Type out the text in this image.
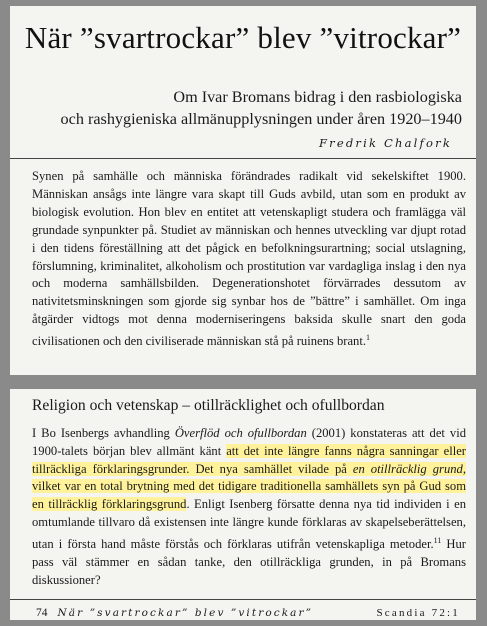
När ”svartrockar” blev ”vitrockar”
Om Ivar Bromans bidrag i den rasbiologiska
och rashygieniska allmänupplysningen under åren 1920–1940
Fredrik Chalfork

Synen på samhälle och människa förändrades radikalt vid sekelskiftet 1900. Människan ansågs inte längre vara skapt till Guds avbild, utan som en produkt av biologisk evolution. Hon blev en entitet att vetenskapligt studera och framlägga väl grundade synpunkter på. Studiet av människan och hennes utveckling var djupt rotad i den tidens föreställning att det pågick en befolkningsurartning; social utslagning, förslumning, kriminalitet, alkoholism och prostitution var vardagliga inslag i den nya och moderna samhällsbilden. Degenerationshotet förvärrades dessutom av nativitetsminskningen som gjorde sig synbar hos de ”bättre” i samhället. Om inga åtgärder vidtogs mot denna moderniseringens baksida skulle snart den goda civilisationen och den civiliserade människan stå på ruinens brant.$^1$

Religion och vetenskap – otillräcklighet och ofullbordan

I Bo Isenbergs avhandling Överflöd och ofullbordan (2001) konstateras att det vid 1900-talets början blev allmänt känt att det inte längre fanns några sanningar eller tillräckliga förklaringsgrunder. Det nya samhället vilade på en otillräcklig grund, vilket var en total brytning med det tidigare traditionella samhällets syn på Gud som en tillräcklig förklaringsgrund. Enligt Isenberg försatte denna nya tid individen i en omtumlande tillvaro då existensen inte längre kunde förklaras av skapelseberättelsen, utan i första hand måste förstås och förklaras utifrån vetenskapliga metoder.$^{11}$ Hur pass väl stämmer en sådan tanke, den otillräckliga grunden, in på Bromans diskussioner?

74 När ”svartrockar” blev ”vitrockar”	Scandia 72:1
